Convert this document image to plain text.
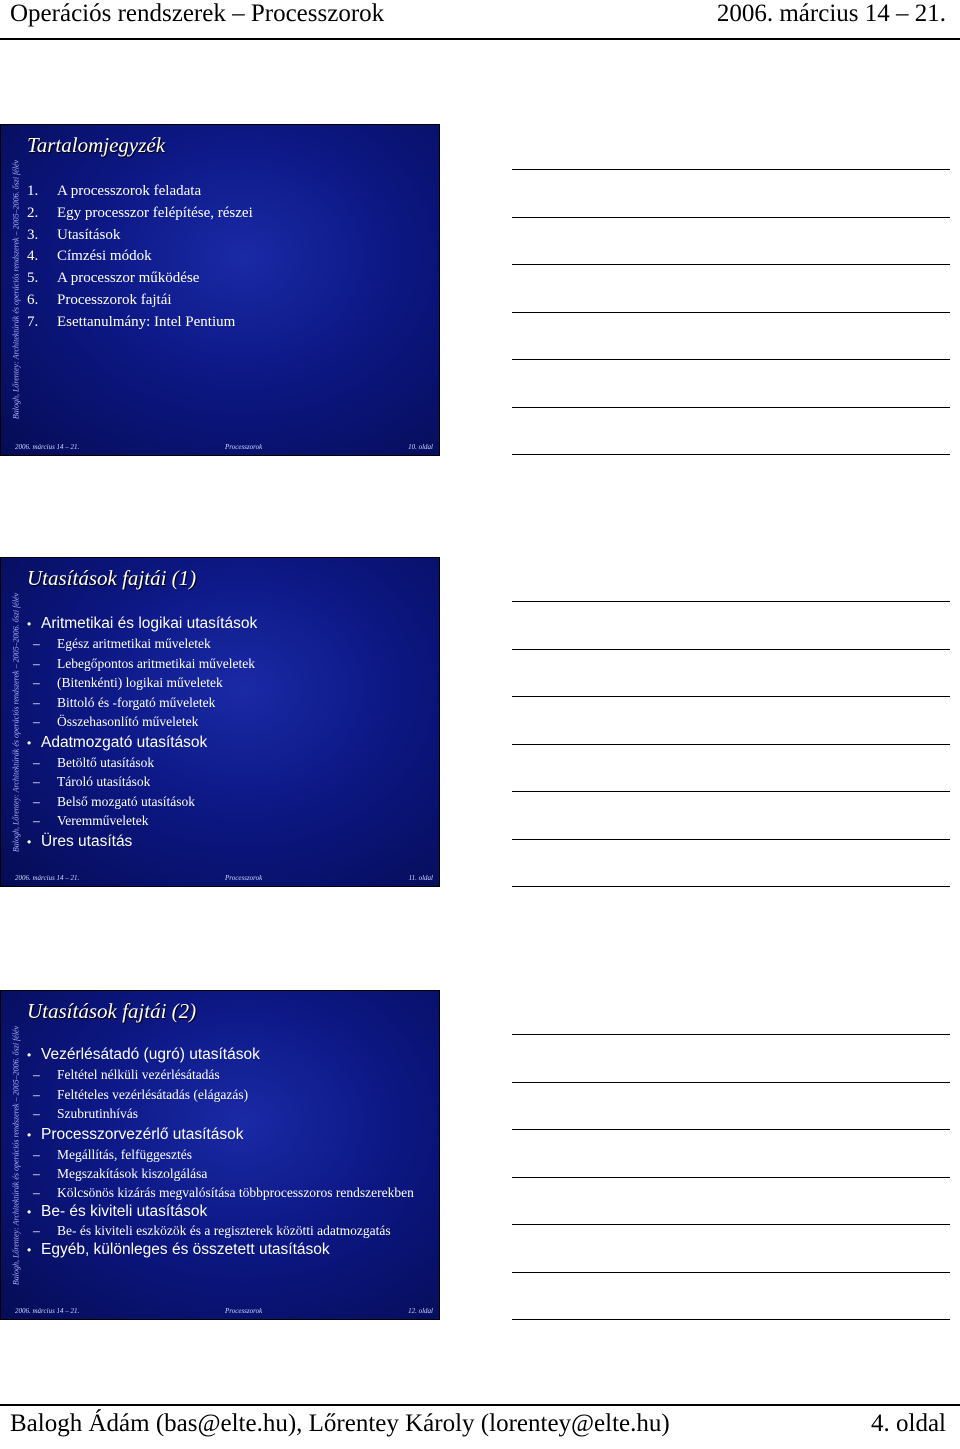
Operációs rendszerek – Processzorok	2006. március 14 – 21.
Balogh, Lőrentey: Architektúrák és operációs rendszerek – 2005–2006. őszi félév
Tartalomjegyzék
1.	A processzorok feladata
2.	Egy processzor felépítése, részei
3.	Utasítások
4.	Címzési módok
5.	A processzor működése
6.	Processzorok fajtái
7.	Esettanulmány: Intel Pentium
2006. március 14 – 21.	Processzorok	10. oldal
Balogh, Lőrentey: Architektúrák és operációs rendszerek – 2005–2006. őszi félév
Utasítások fajtái (1)
• Aritmetikai és logikai utasítások
–	Egész aritmetikai műveletek
–	Lebegőpontos aritmetikai műveletek
–	(Bitenkénti) logikai műveletek
–	Bittoló és -forgató műveletek
–	Összehasonlító műveletek
• Adatmozgató utasítások
–	Betöltő utasítások
–	Tároló utasítások
–	Belső mozgató utasítások
–	Veremműveletek
• Üres utasítás
2006. március 14 – 21.	Processzorok	11. oldal
Balogh, Lőrentey: Architektúrák és operációs rendszerek – 2005–2006. őszi félév
Utasítások fajtái (2)
• Vezérlésátadó (ugró) utasítások
–	Feltétel nélküli vezérlésátadás
–	Feltételes vezérlésátadás (elágazás)
–	Szubrutinhívás
• Processzorvezérlő utasítások
–	Megállítás, felfüggesztés
–	Megszakítások kiszolgálása
–	Kölcsönös kizárás megvalósítása többprocesszoros rendszerekben
• Be- és kiviteli utasítások
–	Be- és kiviteli eszközök és a regiszterek közötti adatmozgatás
• Egyéb, különleges és összetett utasítások
2006. március 14 – 21.	Processzorok	12. oldal
Balogh Ádám (bas@elte.hu), Lőrentey Károly (lorentey@elte.hu)	4. oldal
